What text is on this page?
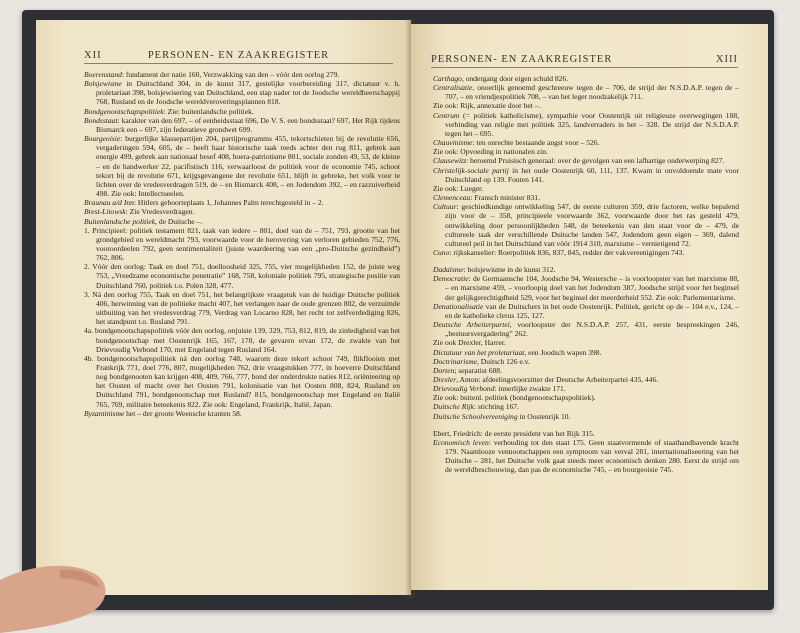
XII	PERSONEN- EN ZAAKREGISTER

Boerenstand: fundament der natie 160, Verzwakking van den – vóór den oorlog 279.

Bolsjewisme in Duitschland 304, in de kunst 317, gestelijke voorbereiding 317, dictatuur v. h. proletariaat 398, bolsjewisering van Duitschland, een stap nader tot de Joodsche wereldheerschappij 768, Rusland en de Joodsche wereldveroveringsplannen 818.

Bondgenootschapspolitiek: Zie: buitenlandsche politiek.

Bondsstaat: karakter van den 697, – of eenheidsstaat 696, De V. S. een bondsstaat? 697, Het Rijk tijdens Bismarck een – 697, zijn federatieve grondwet 699.

Bourgeoisie: burgerlijke klassepartijen 204, partijprogramms 455, tekortschieten bij de revolutie 656, vergaderingen 594, 605, de – heeft haar historische taak reeds achter den rug 811, gebrek aan energie 499, gebrek aan nationaal besef 408, hoera-patriotisme 801, sociale zonden 49, 53, de kleine – en de handwerker 22, pacifistisch 116, verwaarloost de politiek voor de economie 745, schoot tekort bij de revolutie 671, krijgsgevangene der revolutie 651, blijft in gebreke, het volk voor te lichten over de vredesverdragen 519, de – en Bismarck 408, – en Jodendom 392, – en razzuiverheid 498. Zie ook: Intellectueelen.

Braunau a/d Inn: Hitlers geboorteplaats 1, Johannes Palm terechtgesteld in – 2.

Brest-Litowsk: Zie Vredesverdragen.

Buitenlandsche politiek, de Duitsche –.

1. Principieel: politiek testament 821, taak van iedere – 801, doel van de – 751, 793, grootte van het grondgebied en wereldmacht 793, voorwaarde voor de herovering van verloren gebieden 752, 776, vooroordeelen 792, geen sentimentaliteit (juiste waardeering van een „pro-Duitsche gezindheid”) 762, 806.

2. Vóór den oorlog: Taak en doel 751, doelloosheid 325, 755, vier mogelijkheden 152, de juiste weg 753, „Vreedzame economische penetratie” 168, 758, koloniale politiek 795, strategische positie van Duitschland 760, politiek t.o. Polen 328, 477.

3. Ná den oorlog 755, Taak en doel 751, het belangrijkste vraagstuk van de huidige Duitsche politiek 406, herwinning van de politieke macht 407, het verlangen naar de oude grenzen 802, de verzuimde uitbuiting van het vredesverdrag 779, Verdrag van Locarno 828, het recht tot zelfverdediging 826, het standpunt t.o. Rusland 791.

4a. bondgenootschapspolitiek vóór den oorlog, onjuiste 139, 329, 753, 812, 819, de zinledigheid van het bondgenootschap met Oostenrijk 165, 167, 170, de gevaren ervan 172, de zwakte van het Drievoudig Verbond 170, met Engeland tegen Rusland 164.

4b. bondgenootschapspolitiek ná den oorlog 748, waarom deze tekort schoot 749, flikflooien met Frankrijk 771, doel 776, 807, mogelijkheden 762, drie vraagstukken 777, in hoeverre Duitschland nog bondgenooten kan krijgen 408, 409, 766, 777, bond der onderdrukte naties 812, oriënteering op het Oosten of macht over het Oosten 791, kolonisatie van het Oosten 808, 824, Rusland en Duitschland 791, bondgenootschap met Rusland? 815, bondgenootschap met Engeland en Italië 765, 769, militaire beteekenis 822. Zie ook: Engeland, Frankrijk, Italië, Japan.

Byzantinisme het – der groote Weensche kranten 58.

PERSONEN- EN ZAAKREGISTER	XIII

Carthago, ondergang door eigen schuld 826.

Centralisatie, onoerlijk genoemd geschreeuw tegen de – 706, de strijd der N.S.D.A.P. tegen de – 707, – en vriendjespolitiek 708, – van het leger noodzakelijk 711.

Zie ook: Rijk, annexatie door het –.

Centrum (= politiek katholicisme), sympathie voor Oostenrijk uit religieuze overwegingen 188, verbinding van religie met politiek 325, landverraders in het – 328. De strijd der N.S.D.A.P. tegen het – 695.

Chauvinisme: ten onrechte bestaande angst voor – 526.

Zie ook: Opvoeding in nationalen zin.

Clausewitz: beroemd Pruisisch generaal: over de gevolgen van een lafhartige onderwerping 827.

Christelijk-sociale partij in het oude Oostenrijk 60, 111, 137. Kwam in onvoldoende mate voor Duitschland op 139. Fouten 141.

Zie ook: Lueger.

Clemenceau: Fransch minister 831.

Cultuur: geschiedkundige ontwikkeling 547, de eerste culturen 359, drie factoren, welke bepalend zijn voor de – 358, principieele voorwaarde 362, voorwaarde door het ras gesteld 479, ontwikkeling door persoonlijkheden 548, de beteekenis van den staat voor de – 479, de cultureele taak der verschillende Duitsche landen 547, Jodendom geen eigen – 369, dalend cultureel peil in het Duitschland van vóór 1914 310, marxisme – vernietigend 72.

Cuno: rijkskanselier: Roerpolitiek 836, 837, 845, redder der vakvereenigingen 743.

Dadaïsme: bolsjewisme in de kunst 312.

Democratie: de Germaansche 104, Joodsche 94, Westersche – is voorloopster van het marxisme 88, – en marxisme 459, – voorloopig doel van het Jodendom 387, Joodsche strijd voor het beginsel der gelijkgerechtigdheid 529, voor het beginsel der meerderheid 552. Zie ook: Parlementarisme.

Denationalisatie van de Duitschers in het oude Oostenrijk. Politiek, gericht op de – 104 e.v., 124, – en de katholieke clerus 125, 127.

Deutsche Arbeiterpartei, voorloopster der N.S.D.A.P. 257, 431, eerste bespreekingen 246, „bestuursvergadering” 262.

Zie ook Drexler, Harrer.

Dictatuur van het proletariaat, een Joodsch wapen 398.

Doctrinarisme, Duitsch 126 e.v.

Dorten; separatist 688.

Drexler, Anton: afdeelingsvoorzitter der Deutsche Arbeiterpartei 435, 446.

Drievoudig Verbond: innerlijke zwakte 171.

Zie ook: buitenl. politiek (bondgenootschapspolitiek).

Duitsche Rijk: stichting 167.

Duitsche Schoolvereeniging in Oostenrijk 10.

Ebert, Friedrich: de eerste president van het Rijk 315.

Economisch leven: verhouding tot den staat 175. Geen staatvormende of staathandhavende kracht 179. Naamlooze vennootschappen een symptoom van verval 281, internationaliseering van het Duitsche – 281, het Duitsche volk gaat steeds meer economisch denken 280. Eerst de strijd om de wereldbeschouwing, dan pas de economische 745, – en bourgeoisie 745.
